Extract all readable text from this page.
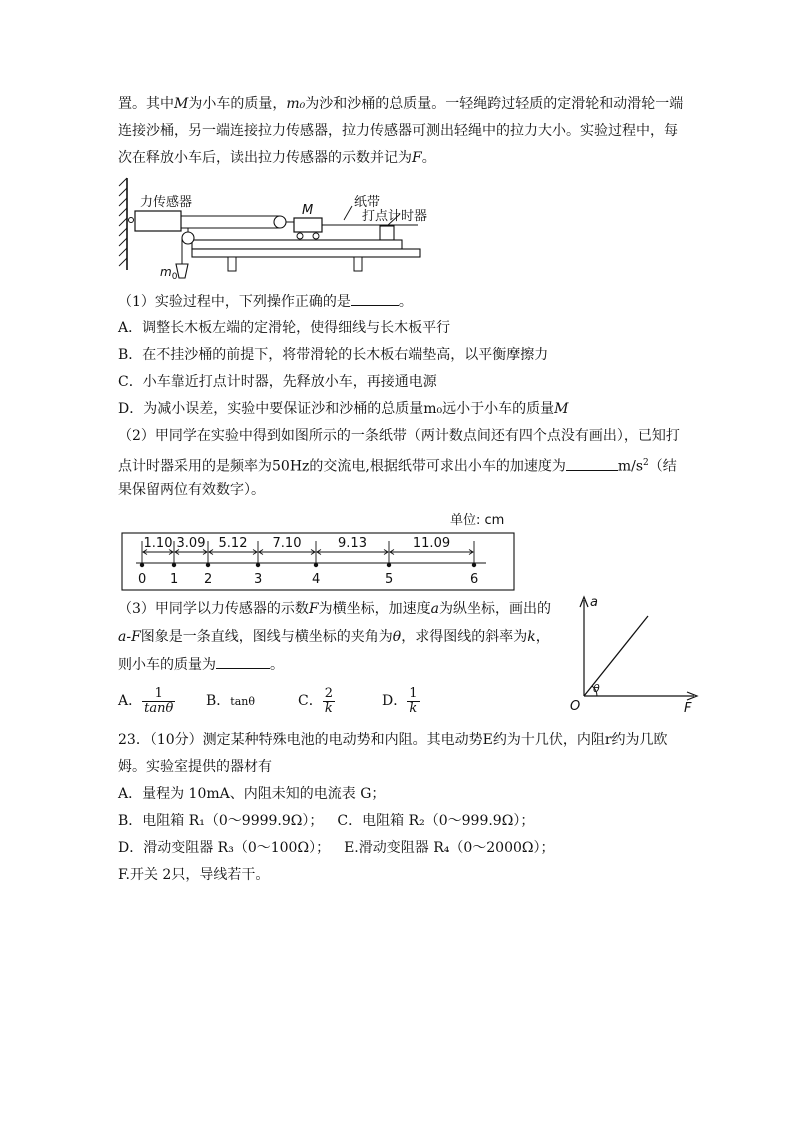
置。其中M为小车的质量，m₀为沙和沙桶的总质量。一轻绳跨过轻质的定滑轮和动滑轮一端
连接沙桶，另一端连接拉力传感器，拉力传感器可测出轻绳中的拉力大小。实验过程中，每
次在释放小车后，读出拉力传感器的示数并记为F。
力传感器
M
纸带
打点计时器
$m_0$
（1）实验过程中，下列操作正确的是	。
A．调整长木板左端的定滑轮，使得细线与长木板平行
B．在不挂沙桶的前提下，将带滑轮的长木板右端垫高，以平衡摩擦力
C．小车靠近打点计时器，先释放小车，再接通电源
D．为减小误差，实验中要保证沙和沙桶的总质量m₀远小于小车的质量M
（2）甲同学在实验中得到如图所示的一条纸带（两计数点间还有四个点没有画出），已知打
点计时器采用的是频率为50Hz的交流电,根据纸带可求出小车的加速度为	$m/s^2$（结
果保留两位有效数字）。
单位: cm
0 1 2	3	4	5	6
1.10 3.09 5.12 7.10	9.13	11.09
（3）甲同学以力传感器的示数F为横坐标，加速度a为纵坐标，画出的
a-F图象是一条直线，图线与横坐标的夹角为θ，求得图线的斜率为k，
则小车的质量为	。
A． $\frac{1}{\tan\theta}$ B．tanθ	C． $\frac{2}{k}$	D． $\frac{1}{k}$
a
F
O
θ
23．（10分）测定某种特殊电池的电动势和内阻。其电动势E约为十几伏，内阻r约为几欧
姆。实验室提供的器材有
A．量程为 10mA、内阻未知的电流表 G；
B．电阻箱 R₁（0～9999.9Ω）； C．电阻箱 R₂（0～999.9Ω）；
D．滑动变阻器 R₃（0～100Ω）； E.滑动变阻器 R₄（0～2000Ω）；
F.开关 2只，导线若干。
